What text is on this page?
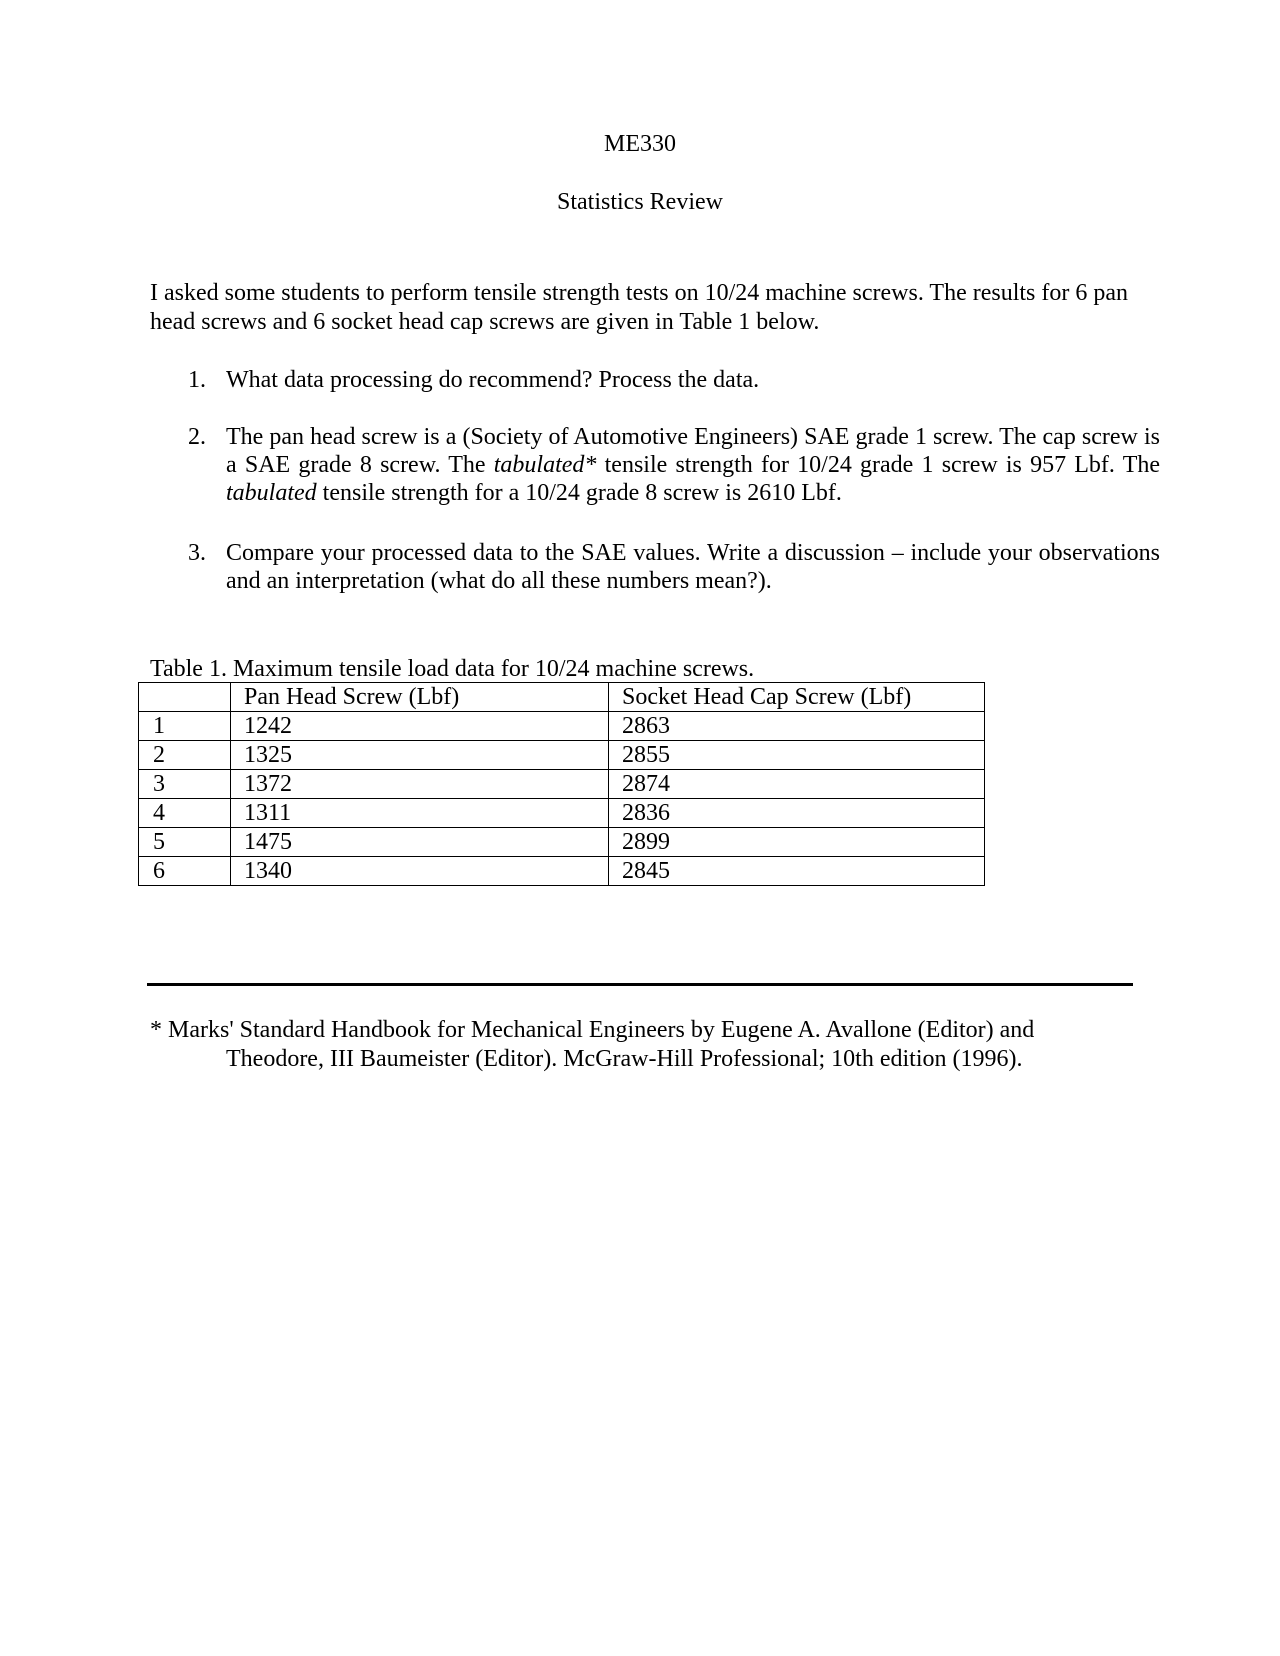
ME330
Statistics Review

I asked some students to perform tensile strength tests on 10/24 machine screws. The results for 6 pan head screws and 6 socket head cap screws are given in Table 1 below.

1. What data processing do recommend? Process the data.
2. The pan head screw is a (Society of Automotive Engineers) SAE grade 1 screw. The cap screw is a SAE grade 8 screw. The tabulated* tensile strength for 10/24 grade 1 screw is 957 Lbf. The tabulated tensile strength for a 10/24 grade 8 screw is 2610 Lbf.
3. Compare your processed data to the SAE values. Write a discussion – include your observations and an interpretation (what do all these numbers mean?).
Table 1. Maximum tensile load data for 10/24 machine screws.
	Pan Head Screw (Lbf)	Socket Head Cap Screw (Lbf)
1	1242	2863
2	1325	2855
3	1372	2874
4	1311	2836
5	1475	2899
6	1340	2845
* Marks' Standard Handbook for Mechanical Engineers by Eugene A. Avallone (Editor) and
Theodore, III Baumeister (Editor). McGraw-Hill Professional; 10th edition (1996).
